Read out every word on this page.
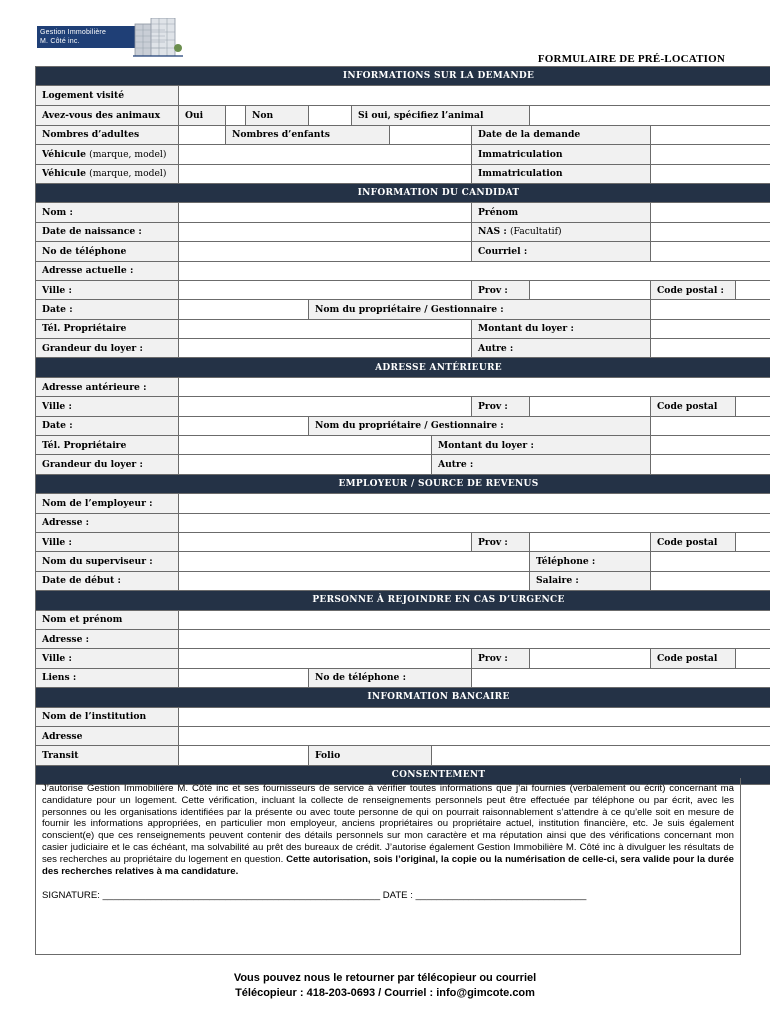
Gestion Immobilière
M. Côté inc.
FORMULAIRE DE PRÉ-LOCATION
INFORMATIONS SUR LA DEMANDE										
Logement visité										
Avez-vous des animaux	Oui	Non		Si oui, spécifiez l’animal						
Nombres d’adultes		Nombres d’enfants					Date de la demande			
Véhicule (marque, model)							Immatriculation			
Véhicule (marque, model)							Immatriculation			
INFORMATION DU CANDIDAT										
Nom :							Prénom			
Date de naissance :							NAS : (Facultatif)			
No de téléphone							Courriel :			
Adresse actuelle :										
Ville :							Prov :		Code postal :	
Date :			Nom du propriétaire / Gestionnaire :							
Tél. Propriétaire							Montant du loyer :			
Grandeur du loyer :							Autre :			
ADRESSE ANTÉRIEURE										
Adresse antérieure :										
Ville :							Prov :		Code postal	
Date :			Nom du propriétaire / Gestionnaire :							
Tél. Propriétaire						Montant du loyer :				
Grandeur du loyer :						Autre :				
EMPLOYEUR / SOURCE DE REVENUS										
Nom de l’employeur :										
Adresse :										
Ville :							Prov :		Code postal	
Nom du superviseur :								Téléphone :		
Date de début :								Salaire :		
PERSONNE À REJOINDRE EN CAS D’URGENCE										
Nom et prénom										
Adresse :										
Ville :							Prov :		Code postal	
Liens :			No de téléphone :							
INFORMATION BANCAIRE										
Nom de l’institution										
Adresse										
Transit			Folio							
CONSENTEMENT										

J’autorise Gestion Immobilière M. Côté inc et ses fournisseurs de service à vérifier toutes informations que j’ai fournies (verbalement ou écrit) concernant ma candidature pour un logement. Cette vérification, incluant la collecte de renseignements personnels peut être effectuée par téléphone ou par écrit, avec les personnes ou les organisations identifiées par la présente ou avec toute personne de qui on pourrait raisonnablement s’attendre à ce qu’elle soit en mesure de fournir les informations appropriées, en particulier mon employeur, anciens propriétaires ou propriétaire actuel, institution financière, etc. Je suis également conscient(e) que ces renseignements peuvent contenir des détails personnels sur mon caractère et ma réputation ainsi que des vérifications concernant mon casier judiciaire et le cas échéant, ma solvabilité au prêt des bureaux de crédit. J’autorise également Gestion Immobilière M. Côté inc à divulguer les résultats de ses recherches au propriétaire du logement en question. Cette autorisation, sois l’original, la copie ou la numérisation de celle-ci, sera valide pour la durée des recherches relatives à ma candidature.

SIGNATURE: ____________________________________________________ DATE : ________________________________
Vous pouvez nous le retourner par télécopieur ou courriel
Télécopieur : 418-203-0693 / Courriel : info@gimcote.com
